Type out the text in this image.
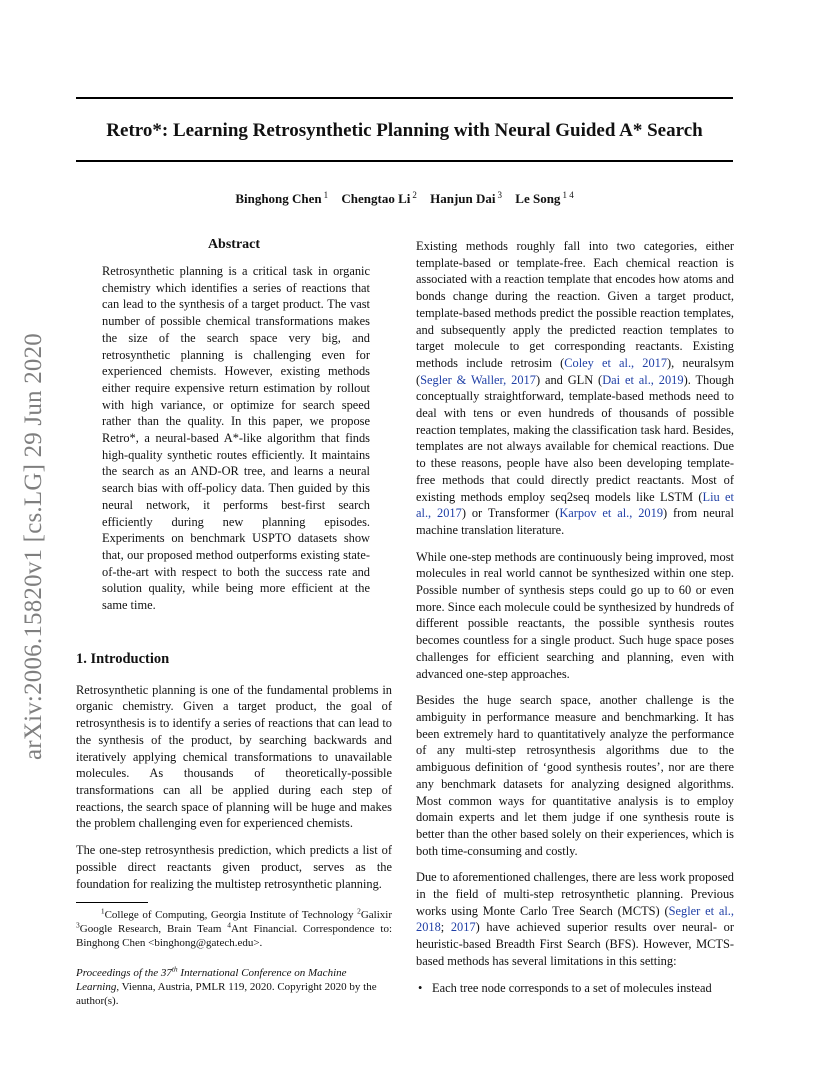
arXiv:2006.15820v1 [cs.LG] 29 Jun 2020
Retro*: Learning Retrosynthetic Planning with Neural Guided A* Search
Binghong Chen $^1$ Chengtao Li $^2$ Hanjun Dai $^3$ Le Song $^{1 4}$
Abstract

Retrosynthetic planning is a critical task in organic chemistry which identifies a series of reactions that can lead to the synthesis of a target product. The vast number of possible chemical transformations makes the size of the search space very big, and retrosynthetic planning is challenging even for experienced chemists. However, existing methods either require expensive return estimation by rollout with high variance, or optimize for search speed rather than the quality. In this paper, we propose Retro*, a neural-based A*-like algorithm that finds high-quality synthetic routes efficiently. It maintains the search as an AND-OR tree, and learns a neural search bias with off-policy data. Then guided by this neural network, it performs best-first search efficiently during new planning episodes. Experiments on benchmark USPTO datasets show that, our proposed method outperforms existing state-of-the-art with respect to both the success rate and solution quality, while being more efficient at the same time.

1. Introduction

Retrosynthetic planning is one of the fundamental problems in organic chemistry. Given a target product, the goal of retrosynthesis is to identify a series of reactions that can lead to the synthesis of the product, by searching backwards and iteratively applying chemical transformations to unavailable molecules. As thousands of theoretically-possible transformations can all be applied during each step of reactions, the search space of planning will be huge and makes the problem challenging even for experienced chemists.

The one-step retrosynthesis prediction, which predicts a list of possible direct reactants given product, serves as the foundation for realizing the multistep retrosynthetic planning.

$^1$College of Computing, Georgia Institute of Technology $^2$Galixir $^3$Google Research, Brain Team $^4$Ant Financial. Correspondence to: Binghong Chen <binghong@gatech.edu>.

Proceedings of the 37th International Conference on Machine Learning, Vienna, Austria, PMLR 119, 2020. Copyright 2020 by the author(s).

Existing methods roughly fall into two categories, either template-based or template-free. Each chemical reaction is associated with a reaction template that encodes how atoms and bonds change during the reaction. Given a target product, template-based methods predict the possible reaction templates, and subsequently apply the predicted reaction templates to target molecule to get corresponding reactants. Existing methods include retrosim (Coley et al., 2017), neuralsym (Segler & Waller, 2017) and GLN (Dai et al., 2019). Though conceptually straightforward, template-based methods need to deal with tens or even hundreds of thousands of possible reaction templates, making the classification task hard. Besides, templates are not always available for chemical reactions. Due to these reasons, people have also been developing template-free methods that could directly predict reactants. Most of existing methods employ seq2seq models like LSTM (Liu et al., 2017) or Transformer (Karpov et al., 2019) from neural machine translation literature.

While one-step methods are continuously being improved, most molecules in real world cannot be synthesized within one step. Possible number of synthesis steps could go up to 60 or even more. Since each molecule could be synthesized by hundreds of different possible reactants, the possible synthesis routes becomes countless for a single product. Such huge space poses challenges for efficient searching and planning, even with advanced one-step approaches.

Besides the huge search space, another challenge is the ambiguity in performance measure and benchmarking. It has been extremely hard to quantitatively analyze the performance of any multi-step retrosynthesis algorithms due to the ambiguous definition of ‘good synthesis routes’, nor are there any benchmark datasets for analyzing designed algorithms. Most common ways for quantitative analysis is to employ domain experts and let them judge if one synthesis route is better than the other based solely on their experiences, which is both time-consuming and costly.

Due to aforementioned challenges, there are less work proposed in the field of multi-step retrosynthetic planning. Previous works using Monte Carlo Tree Search (MCTS) (Segler et al., 2018; 2017) have achieved superior results over neural- or heuristic-based Breadth First Search (BFS). However, MCTS-based methods has several limitations in this setting:

• Each tree node corresponds to a set of molecules instead
